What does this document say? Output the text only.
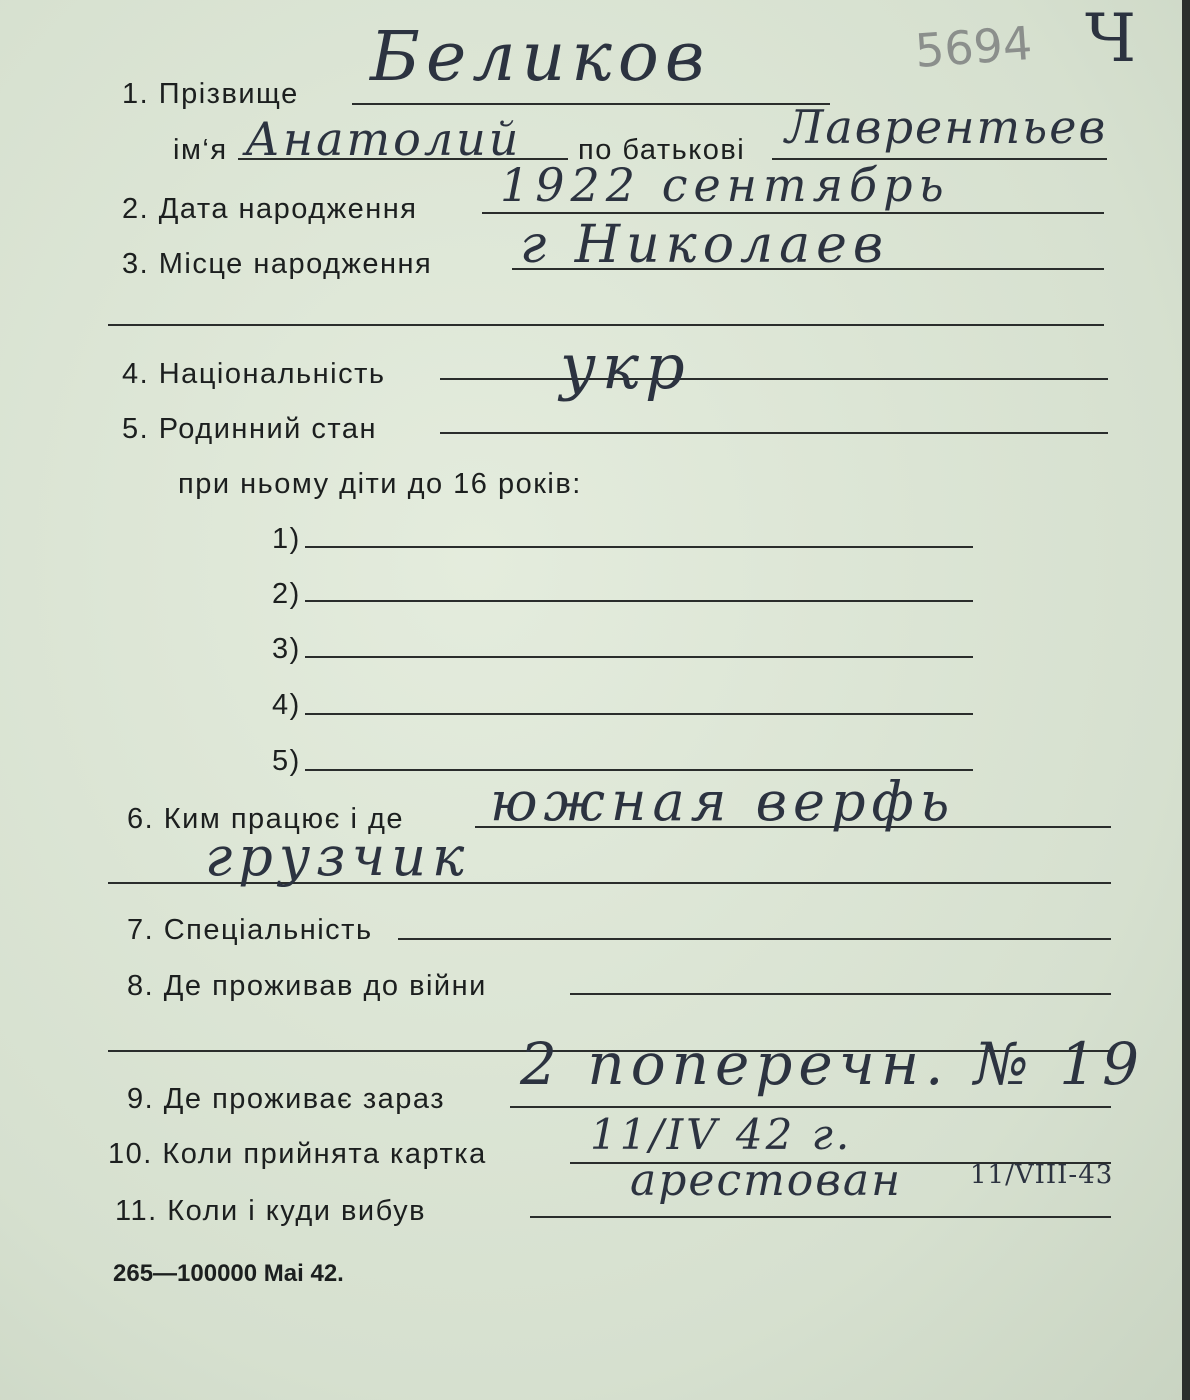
5694 Ч
1. Прізвище Беликов
ім‘я Анатолий по батькові Лаврентьев
2. Дата народження 1922 сентябрь
3. Місце народження г Николаев
4. Національність	укр
5. Родинний стан
при ньому діти до 16 років:
1)
2)
3)
4)
5)
6. Ким працює і де южная верфь
грузчик
7. Спеціальність
8. Де проживав до війни
9. Де проживає зараз
2 поперечн. № 19
10. Коли прийнята картка 11/IV 42 г.
11. Коли і куди вибув
арестован	11/VIII-43
265—100000 Mai 42.
